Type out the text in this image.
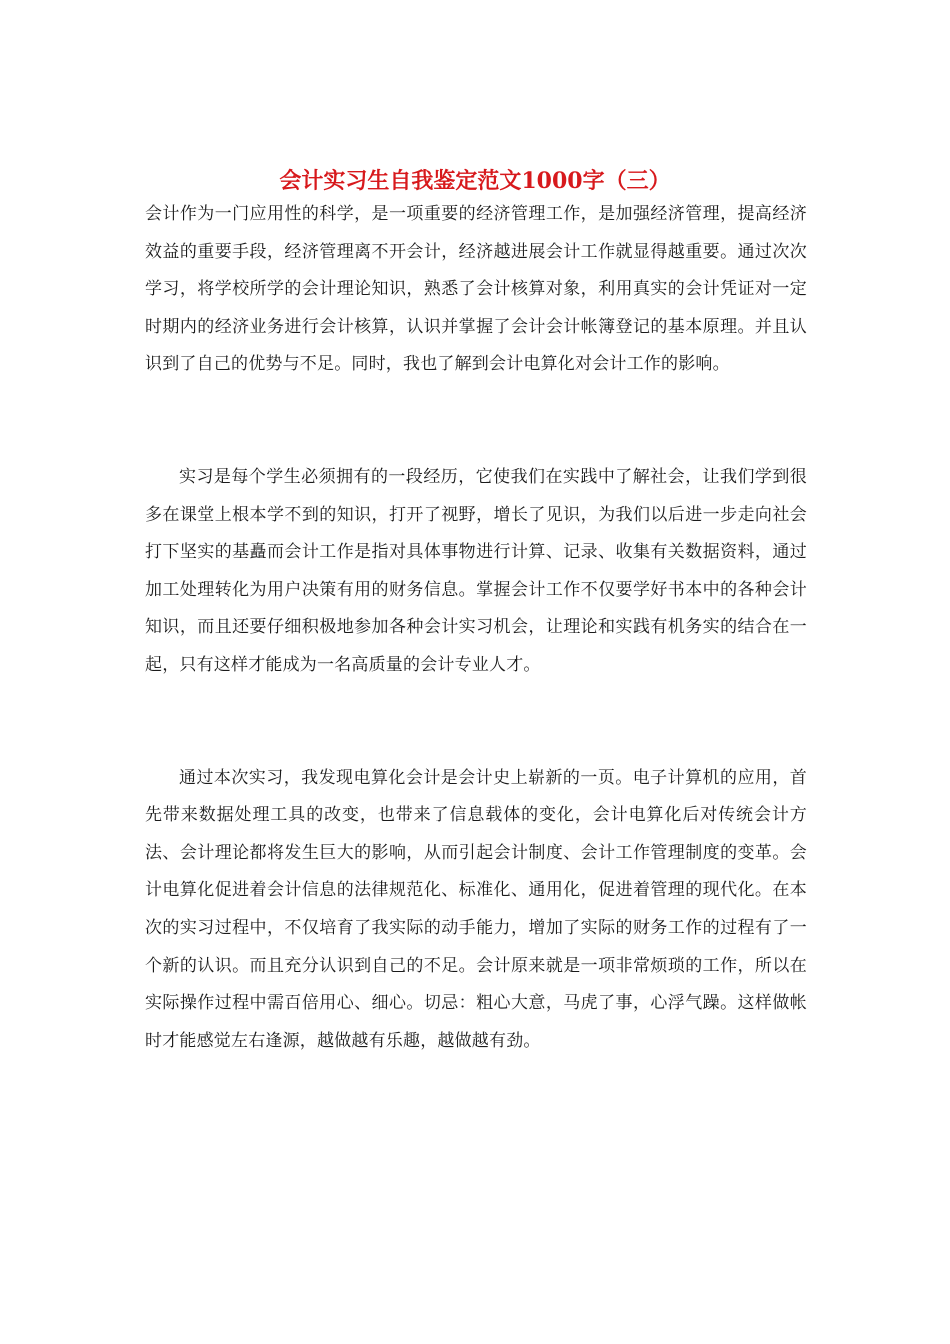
会计实习生自我鉴定范文1000字（三）

会计作为一门应用性的科学，是一项重要的经济管理工作，是加强经济管理，提高经济效益的重要手段，经济管理离不开会计，经济越进展会计工作就显得越重要。通过次次学习，将学校所学的会计理论知识，熟悉了会计核算对象，利用真实的会计凭证对一定时期内的经济业务进行会计核算，认识并掌握了会计会计帐簿登记的基本原理。并且认识到了自己的优势与不足。同时，我也了解到会计电算化对会计工作的影响。

实习是每个学生必须拥有的一段经历，它使我们在实践中了解社会，让我们学到很多在课堂上根本学不到的知识，打开了视野，增长了见识，为我们以后进一步走向社会打下坚实的基矗而会计工作是指对具体事物进行计算、记录、收集有关数据资料，通过加工处理转化为用户决策有用的财务信息。掌握会计工作不仅要学好书本中的各种会计知识，而且还要仔细积极地参加各种会计实习机会，让理论和实践有机务实的结合在一起，只有这样才能成为一名高质量的会计专业人才。

通过本次实习，我发现电算化会计是会计史上崭新的一页。电子计算机的应用，首先带来数据处理工具的改变，也带来了信息载体的变化，会计电算化后对传统会计方法、会计理论都将发生巨大的影响，从而引起会计制度、会计工作管理制度的变革。会计电算化促进着会计信息的法律规范化、标准化、通用化，促进着管理的现代化。在本次的实习过程中，不仅培育了我实际的动手能力，增加了实际的财务工作的过程有了一个新的认识。而且充分认识到自己的不足。会计原来就是一项非常烦琐的工作，所以在实际操作过程中需百倍用心、细心。切忌：粗心大意，马虎了事，心浮气躁。这样做帐时才能感觉左右逢源，越做越有乐趣，越做越有劲。
